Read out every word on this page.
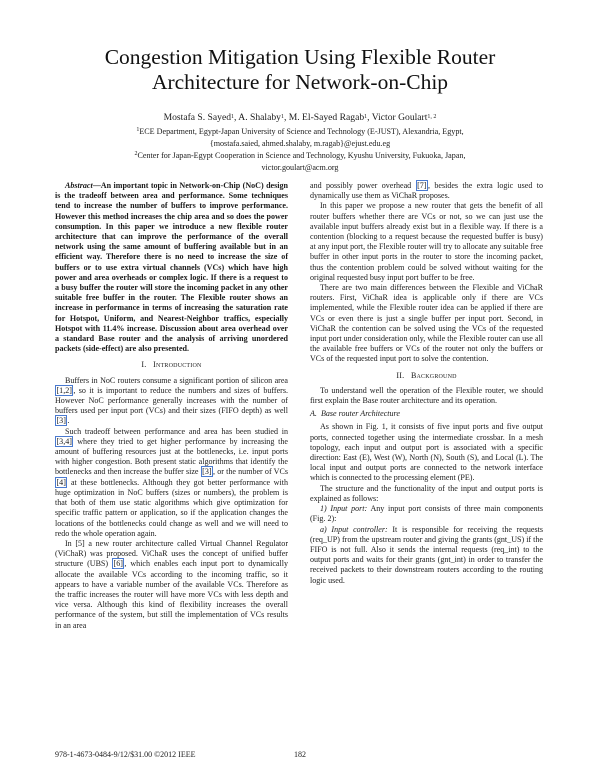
Congestion Mitigation Using Flexible Router
Architecture for Network-on-Chip
Mostafa S. Sayed$^1$, A. Shalaby$^1$, M. El-Sayed Ragab$^1$, Victor Goulart$^{1, 2}$
$^1$ECE Department, Egypt-Japan University of Science and Technology (E-JUST), Alexandria, Egypt,
{mostafa.saied, ahmed.shalaby, m.ragab}@ejust.edu.eg
$^2$Center for Japan-Egypt Cooperation in Science and Technology, Kyushu University, Fukuoka, Japan,
victor.goulart@acm.org

Abstract—An important topic in Network-on-Chip (NoC) design is the tradeoff between area and performance. Some techniques tend to increase the number of buffers to improve performance. However this method increases the chip area and so does the power consumption. In this paper we introduce a new flexible router architecture that can improve the performance of the overall network using the same amount of buffering available but in an efficient way. Therefore there is no need to increase the size of buffers or to use extra virtual channels (VCs) which have high power and area overheads or complex logic. If there is a request to a busy buffer the router will store the incoming packet in any other suitable free buffer in the router. The Flexible router shows an increase in performance in terms of increasing the saturation rate for Hotspot, Uniform, and Nearest-Neighbor traffics, especially Hotspot with 11.4% increase. Discussion about area overhead over a standard Base router and the analysis of arriving unordered packets (side-effect) are also presented.

I. Introduction

Buffers in NoC routers consume a significant portion of silicon area [1,2] , so it is important to reduce the numbers and sizes of buffers. However NoC performance generally increases with the number of buffers used per input port (VCs) and their sizes (FIFO depth) as well [3] .

Such tradeoff between performance and area has been studied in [3,4] where they tried to get higher performance by increasing the amount of buffering resources just at the bottlenecks, i.e. input ports with higher congestion. Both present static algorithms that identify the bottlenecks and then increase the buffer size [3] , or the number of VCs [4] at these bottlenecks. Although they got better performance with huge optimization in NoC buffers (sizes or numbers), the problem is that both of them use static algorithms which give optimization for specific traffic pattern or application, so if the application changes the locations of the bottlenecks could change as well and we will need to redo the whole operation again.

In [5] a new router architecture called Virtual Channel Regulator (ViChaR) was proposed. ViChaR uses the concept of unified buffer structure (UBS) [6] , which enables each input port to dynamically allocate the available VCs according to the incoming traffic, so it appears to have a variable number of the available VCs. Therefore as the traffic increases the router will have more VCs with less depth and vice versa. Although this kind of flexibility increases the overall performance of the system, but still the implementation of VCs results in an area

and possibly power overhead [7] , besides the extra logic used to dynamically use them as ViChaR proposes.

In this paper we propose a new router that gets the benefit of all router buffers whether there are VCs or not, so we can just use the available input buffers already exist but in a flexible way. If there is a contention (blocking to a request because the requested buffer is busy) at any input port, the Flexible router will try to allocate any suitable free buffer in other input ports in the router to store the incoming packet, thus the contention problem could be solved without waiting for the original requested busy input port buffer to be free.

There are two main differences between the Flexible and ViChaR routers. First, ViChaR idea is applicable only if there are VCs implemented, while the Flexible router idea can be applied if there are VCs or even there is just a single buffer per input port. Second, in ViChaR the contention can be solved using the VCs of the requested input port under consideration only, while the Flexible router can use all the available free buffers or VCs of the router not only the buffers or VCs of the requested input port to solve the contention.

II. Background

To understand well the operation of the Flexible router, we should first explain the Base router architecture and its operation.

A. Base router Architecture

As shown in Fig. 1, it consists of five input ports and five output ports, connected together using the intermediate crossbar. In a mesh topology, each input and output port is associated with a specific direction: East (E), West (W), North (N), South (S), and Local (L). The local input and output ports are connected to the network interface which is connected to the processing element (PE).

The structure and the functionality of the input and output ports is explained as follows:

1) Input port: Any input port consists of three main components (Fig. 2):

a) Input controller: It is responsible for receiving the requests (req_UP) from the upstream router and giving the grants (gnt_US) if the FIFO is not full. Also it sends the internal requests (req_int) to the output ports and waits for their grants (gnt_int) in order to transfer the received packets to their downstream routers according to the routing logic used.

978-1-4673-0484-9/12/$31.00 ©2012 IEEE	182
